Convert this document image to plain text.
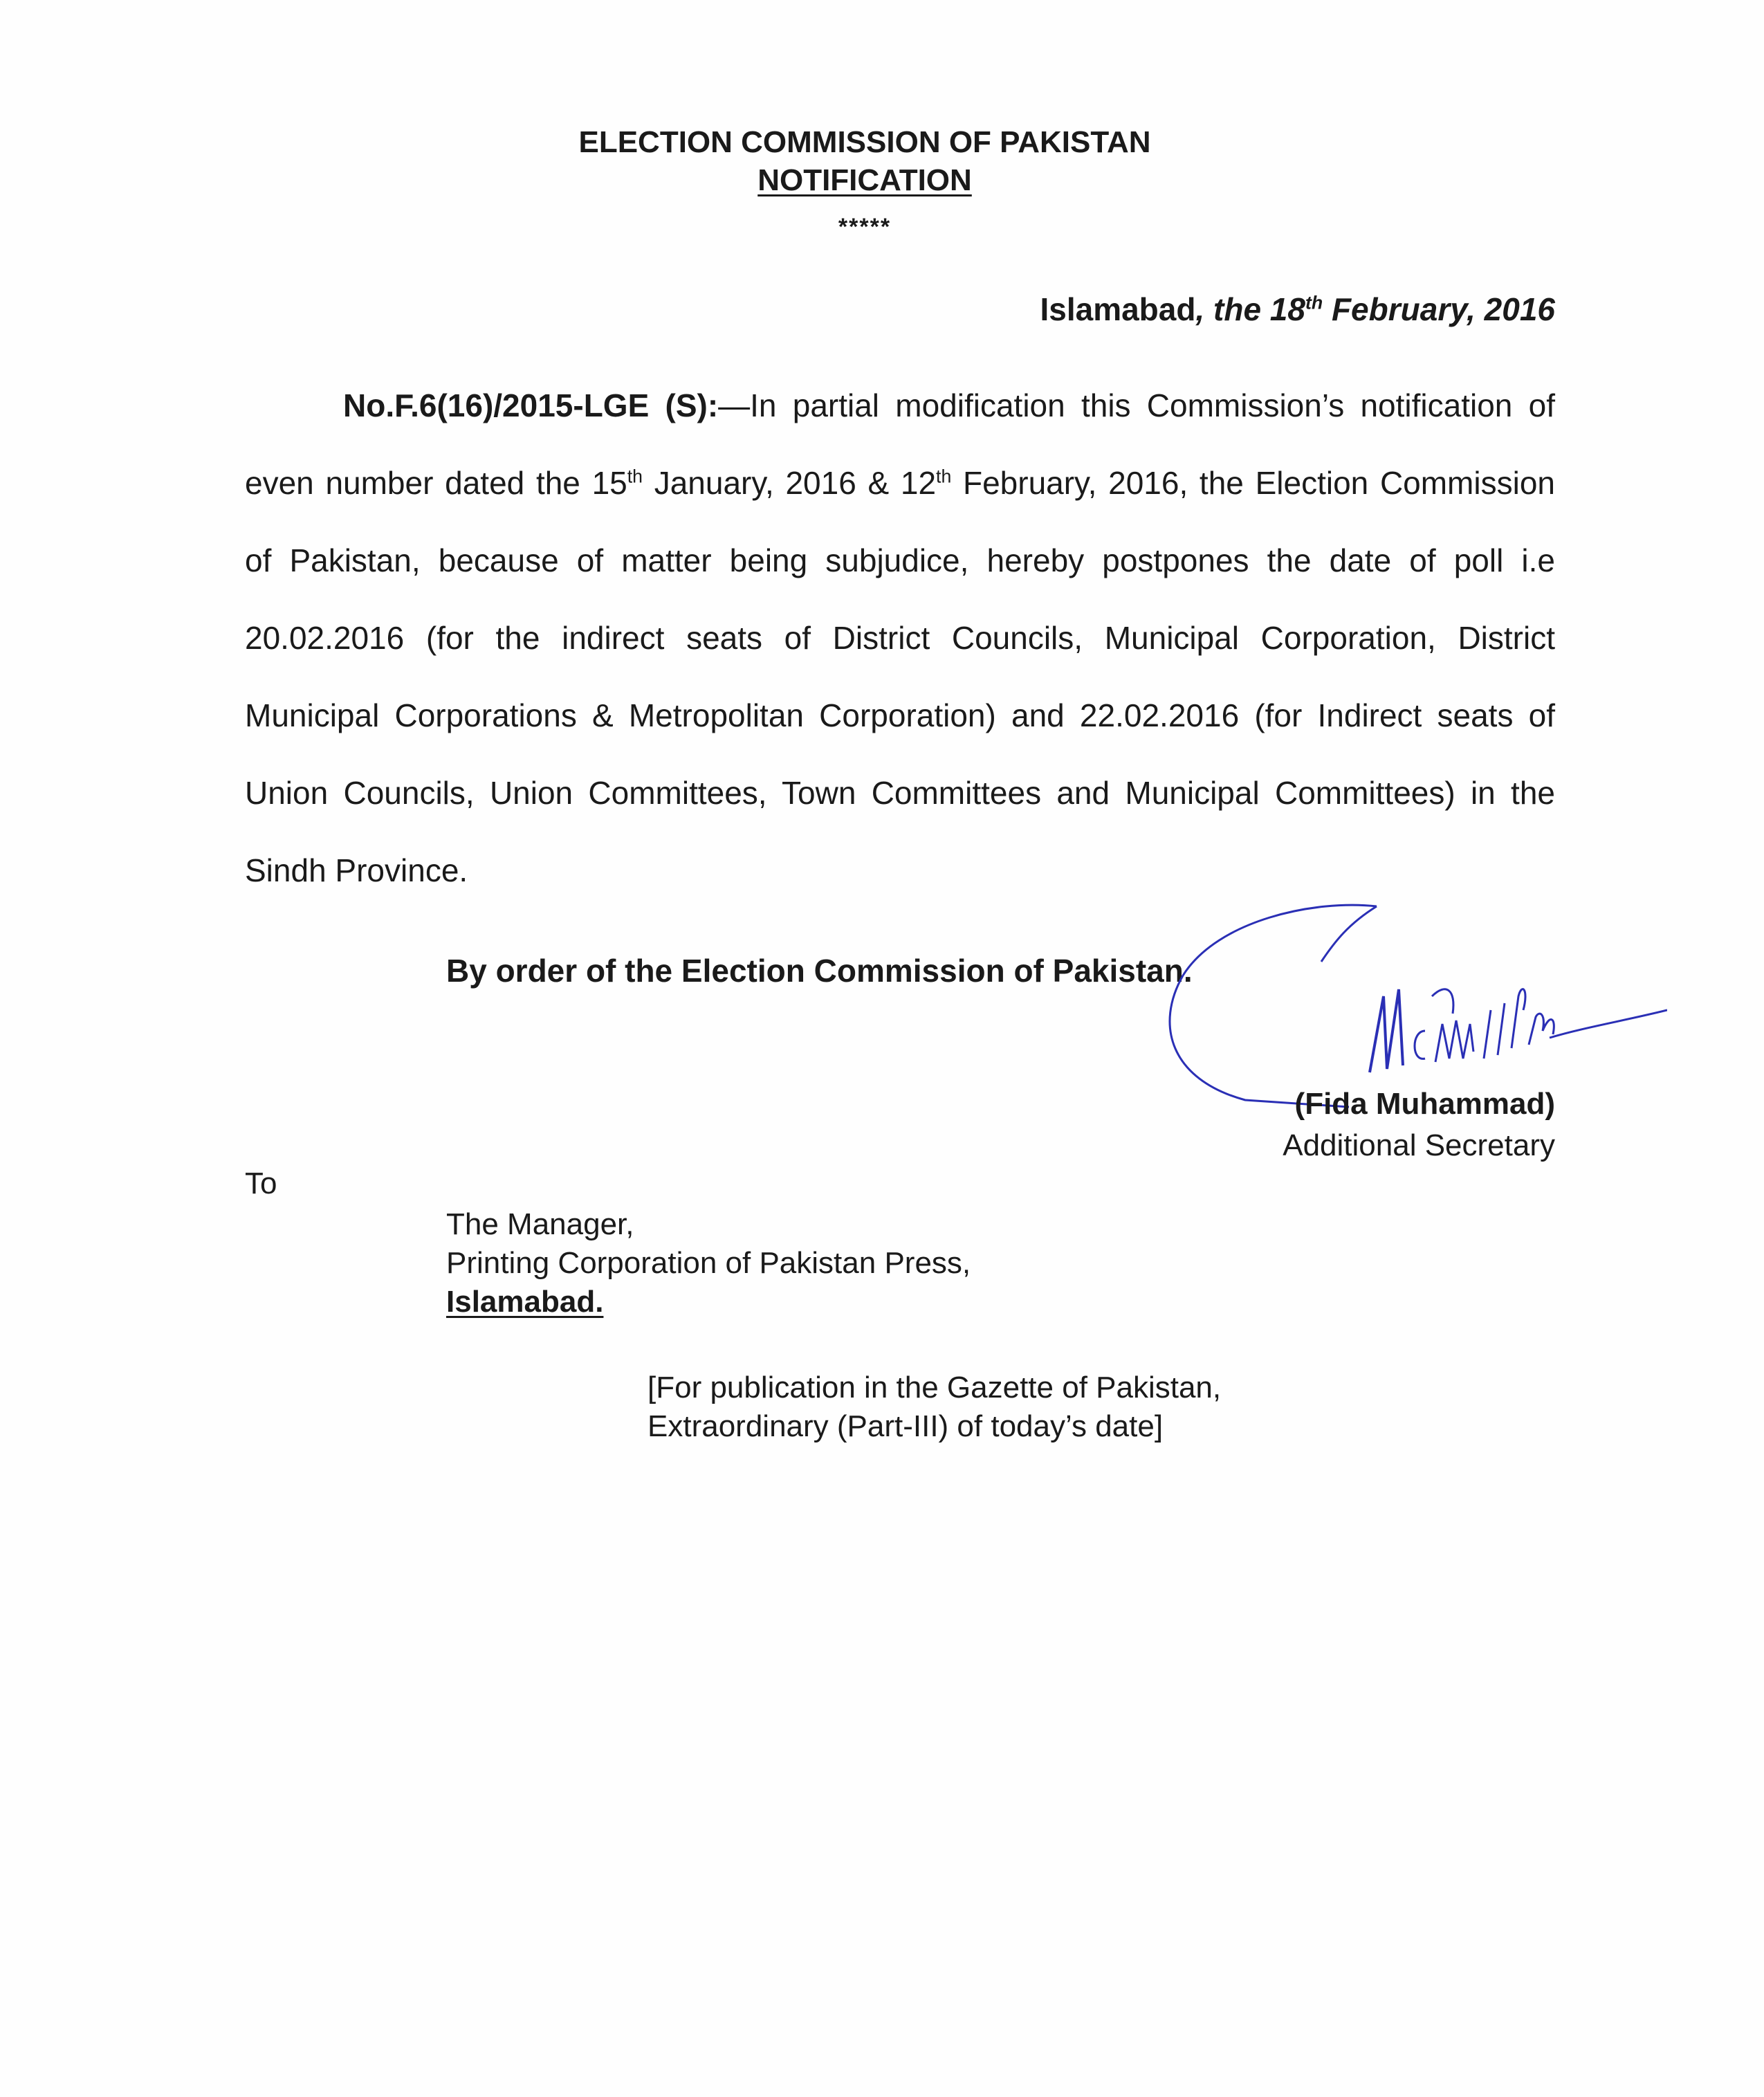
ELECTION COMMISSION OF PAKISTAN
NOTIFICATION
*****
Islamabad, the 18th February, 2016
No.F.6(16)/2015-LGE (S):—In partial modification this Commission’s notification of even number dated the 15th January, 2016 & 12th February, 2016, the Election Commission of Pakistan, because of matter being subjudice, hereby postpones the date of poll i.e 20.02.2016 (for the indirect seats of District Councils, Municipal Corporation, District Municipal Corporations & Metropolitan Corporation) and 22.02.2016 (for Indirect seats of Union Councils, Union Committees, Town Committees and Municipal Committees) in the Sindh Province.
By order of the Election Commission of Pakistan.
(Fida Muhammad)
Additional Secretary
To
The Manager,
Printing Corporation of Pakistan Press,
Islamabad.
[For publication in the Gazette of Pakistan,
Extraordinary (Part-III) of today’s date]
